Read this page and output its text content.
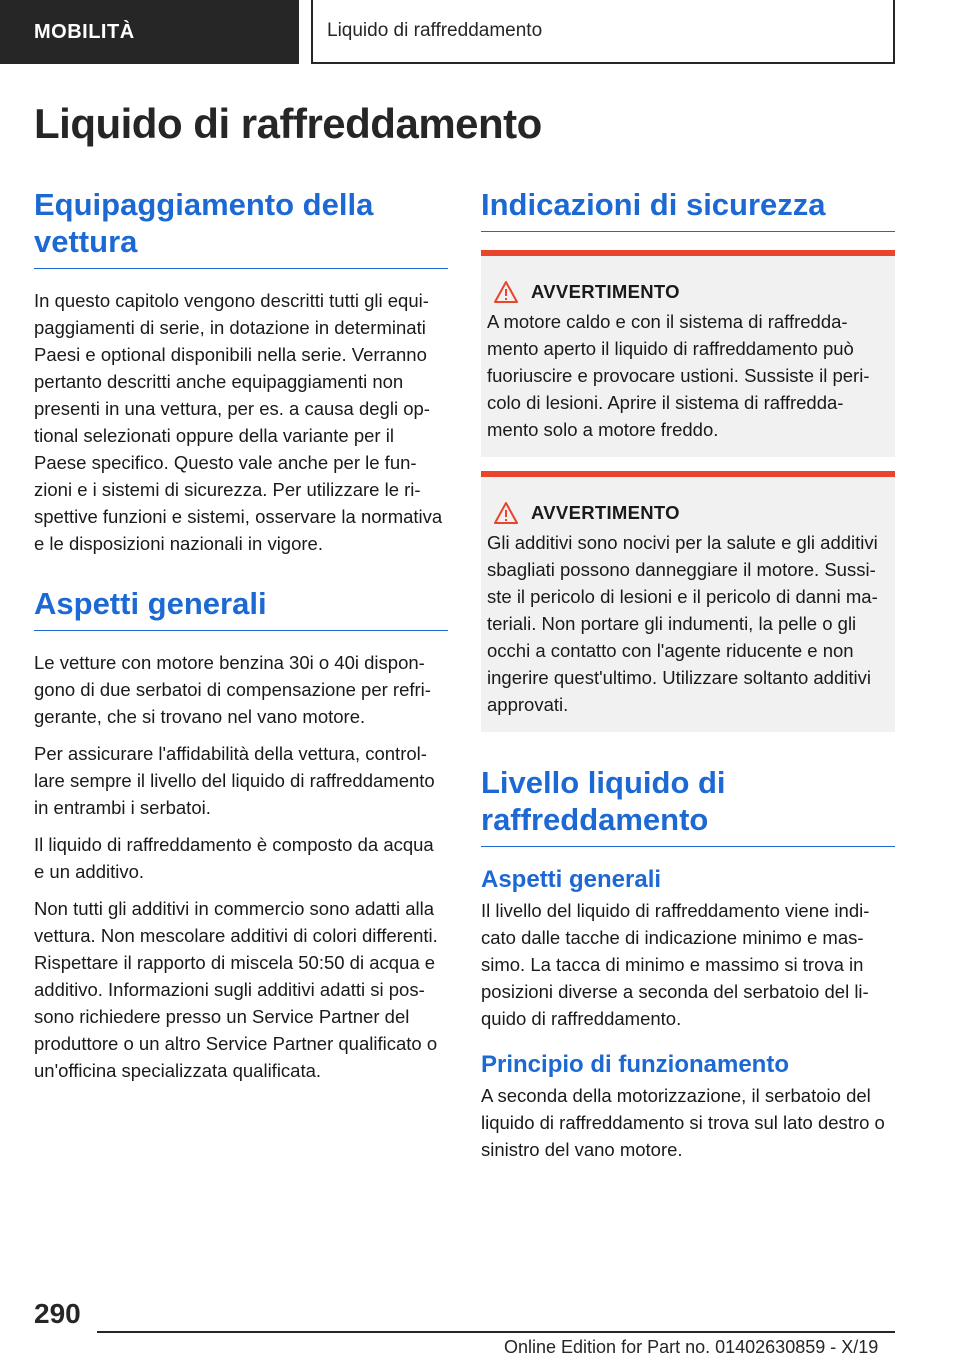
MOBILITÀ	Liquido di raffreddamento
Liquido di raffreddamento
Equipaggiamento della vettura

In questo capitolo vengono descritti tutti gli equi-paggiamenti di serie, in dotazione in determinati Paesi e optional disponibili nella serie. Verranno pertanto descritti anche equipaggiamenti non presenti in una vettura, per es. a causa degli op-tional selezionati oppure della variante per il Paese specifico. Questo vale anche per le fun-zioni e i sistemi di sicurezza. Per utilizzare le ri-spettive funzioni e sistemi, osservare la normativa e le disposizioni nazionali in vigore.

Aspetti generali

Le vetture con motore benzina 30i o 40i dispon-gono di due serbatoi di compensazione per refri-gerante, che si trovano nel vano motore.

Per assicurare l'affidabilità della vettura, control-lare sempre il livello del liquido di raffreddamento in entrambi i serbatoi.

Il liquido di raffreddamento è composto da acqua e un additivo.

Non tutti gli additivi in commercio sono adatti alla vettura. Non mescolare additivi di colori differenti. Rispettare il rapporto di miscela 50:50 di acqua e additivo. Informazioni sugli additivi adatti si pos-sono richiedere presso un Service Partner del produttore o un altro Service Partner qualificato o un'officina specializzata qualificata.

Indicazioni di sicurezza
AVVERTIMENTO

A motore caldo e con il sistema di raffredda-mento aperto il liquido di raffreddamento può fuoriuscire e provocare ustioni. Sussiste il peri-colo di lesioni. Aprire il sistema di raffredda-mento solo a motore freddo.

AVVERTIMENTO

Gli additivi sono nocivi per la salute e gli additivi sbagliati possono danneggiare il motore. Sussi-ste il pericolo di lesioni e il pericolo di danni ma-teriali. Non portare gli indumenti, la pelle o gli occhi a contatto con l'agente riducente e non ingerire quest'ultimo. Utilizzare soltanto additivi approvati.

Livello liquido di raffreddamento
Aspetti generali

Il livello del liquido di raffreddamento viene indi-cato dalle tacche di indicazione minimo e mas-simo. La tacca di minimo e massimo si trova in posizioni diverse a seconda del serbatoio del li-quido di raffreddamento.

Principio di funzionamento

A seconda della motorizzazione, il serbatoio del liquido di raffreddamento si trova sul lato destro o sinistro del vano motore.

290
Online Edition for Part no. 01402630859 - X/19
